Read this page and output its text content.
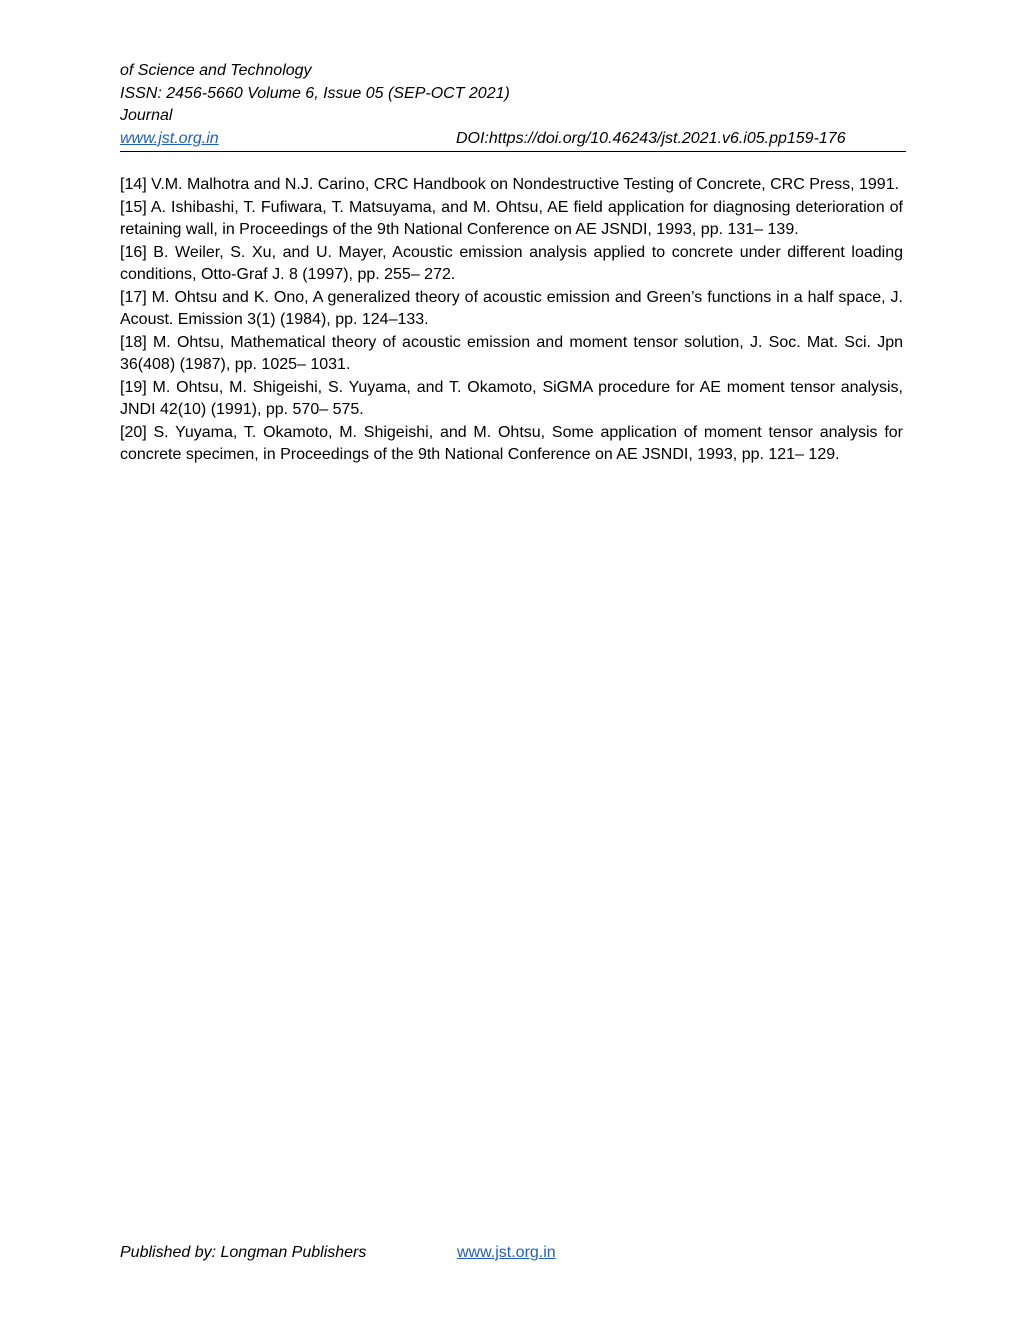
of Science and Technology
ISSN: 2456-5660 Volume 6, Issue 05 (SEP-OCT 2021)
Journal
www.jst.org.in	DOI:https://doi.org/10.46243/jst.2021.v6.i05.pp159-176

[14] V.M. Malhotra and N.J. Carino, CRC Handbook on Nondestructive Testing of Concrete, CRC Press, 1991.

[15] A. Ishibashi, T. Fufiwara, T. Matsuyama, and M. Ohtsu, AE field application for diagnosing deterioration of retaining wall, in Proceedings of the 9th National Conference on AE JSNDI, 1993, pp. 131– 139.

[16] B. Weiler, S. Xu, and U. Mayer, Acoustic emission analysis applied to concrete under different loading conditions, Otto-Graf J. 8 (1997), pp. 255– 272.

[17] M. Ohtsu and K. Ono, A generalized theory of acoustic emission and Green’s functions in a half space, J. Acoust. Emission 3(1) (1984), pp. 124–133.

[18] M. Ohtsu, Mathematical theory of acoustic emission and moment tensor solution, J. Soc. Mat. Sci. Jpn 36(408) (1987), pp. 1025– 1031.

[19] M. Ohtsu, M. Shigeishi, S. Yuyama, and T. Okamoto, SiGMA procedure for AE moment tensor analysis, JNDI 42(10) (1991), pp. 570– 575.

[20] S. Yuyama, T. Okamoto, M. Shigeishi, and M. Ohtsu, Some application of moment tensor analysis for concrete specimen, in Proceedings of the 9th National Conference on AE JSNDI, 1993, pp. 121– 129.

Published by: Longman Publishers	www.jst.org.in
